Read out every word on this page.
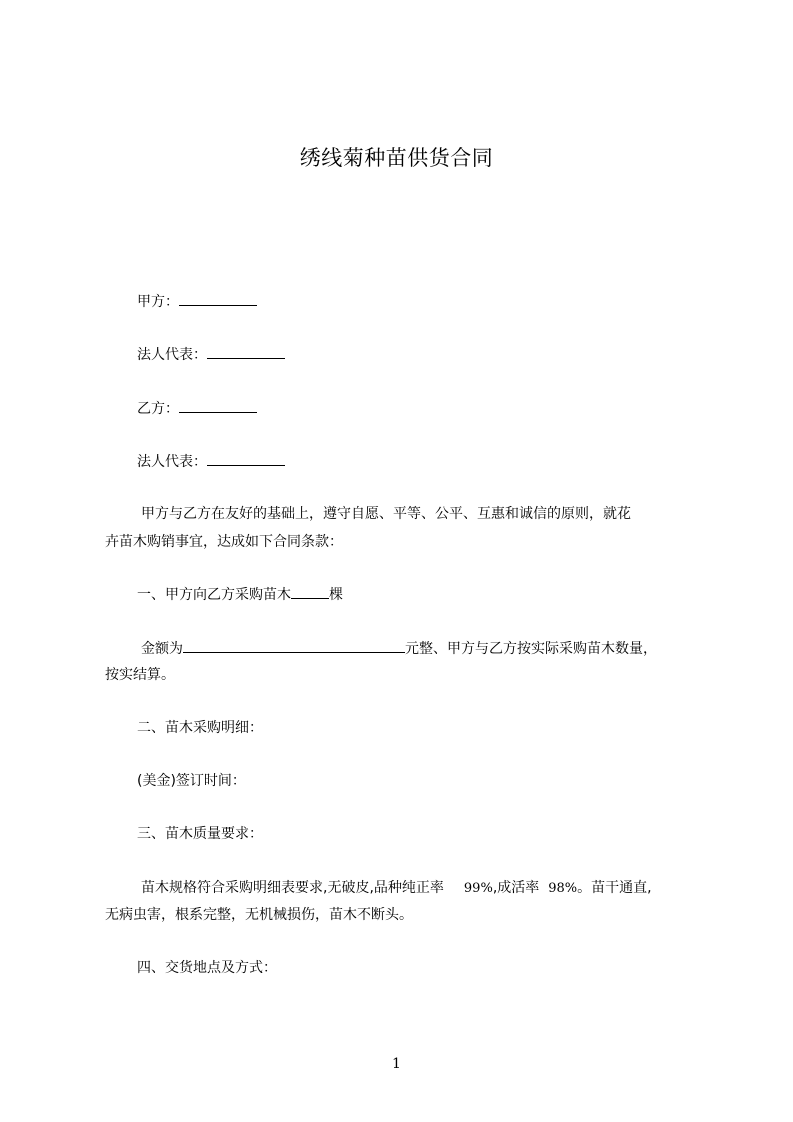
绣线菊种苗供货合同
甲方：
法人代表：
乙方：
法人代表：
甲方与乙方在友好的基础上，遵守自愿、平等、公平、互惠和诚信的原则，就花
卉苗木购销事宜，达成如下合同条款：
一、甲方向乙方采购苗木	棵
金额为	元整、甲方与乙方按实际采购苗木数量，
按实结算。
二、苗木采购明细：
(美金)签订时间：
三、苗木质量要求：
苗木规格符合采购明细表要求,无破皮,品种纯正率 99%,成活率 98%。苗干通直,
无病虫害，根系完整，无机械损伤，苗木不断头。
四、交货地点及方式：
1
